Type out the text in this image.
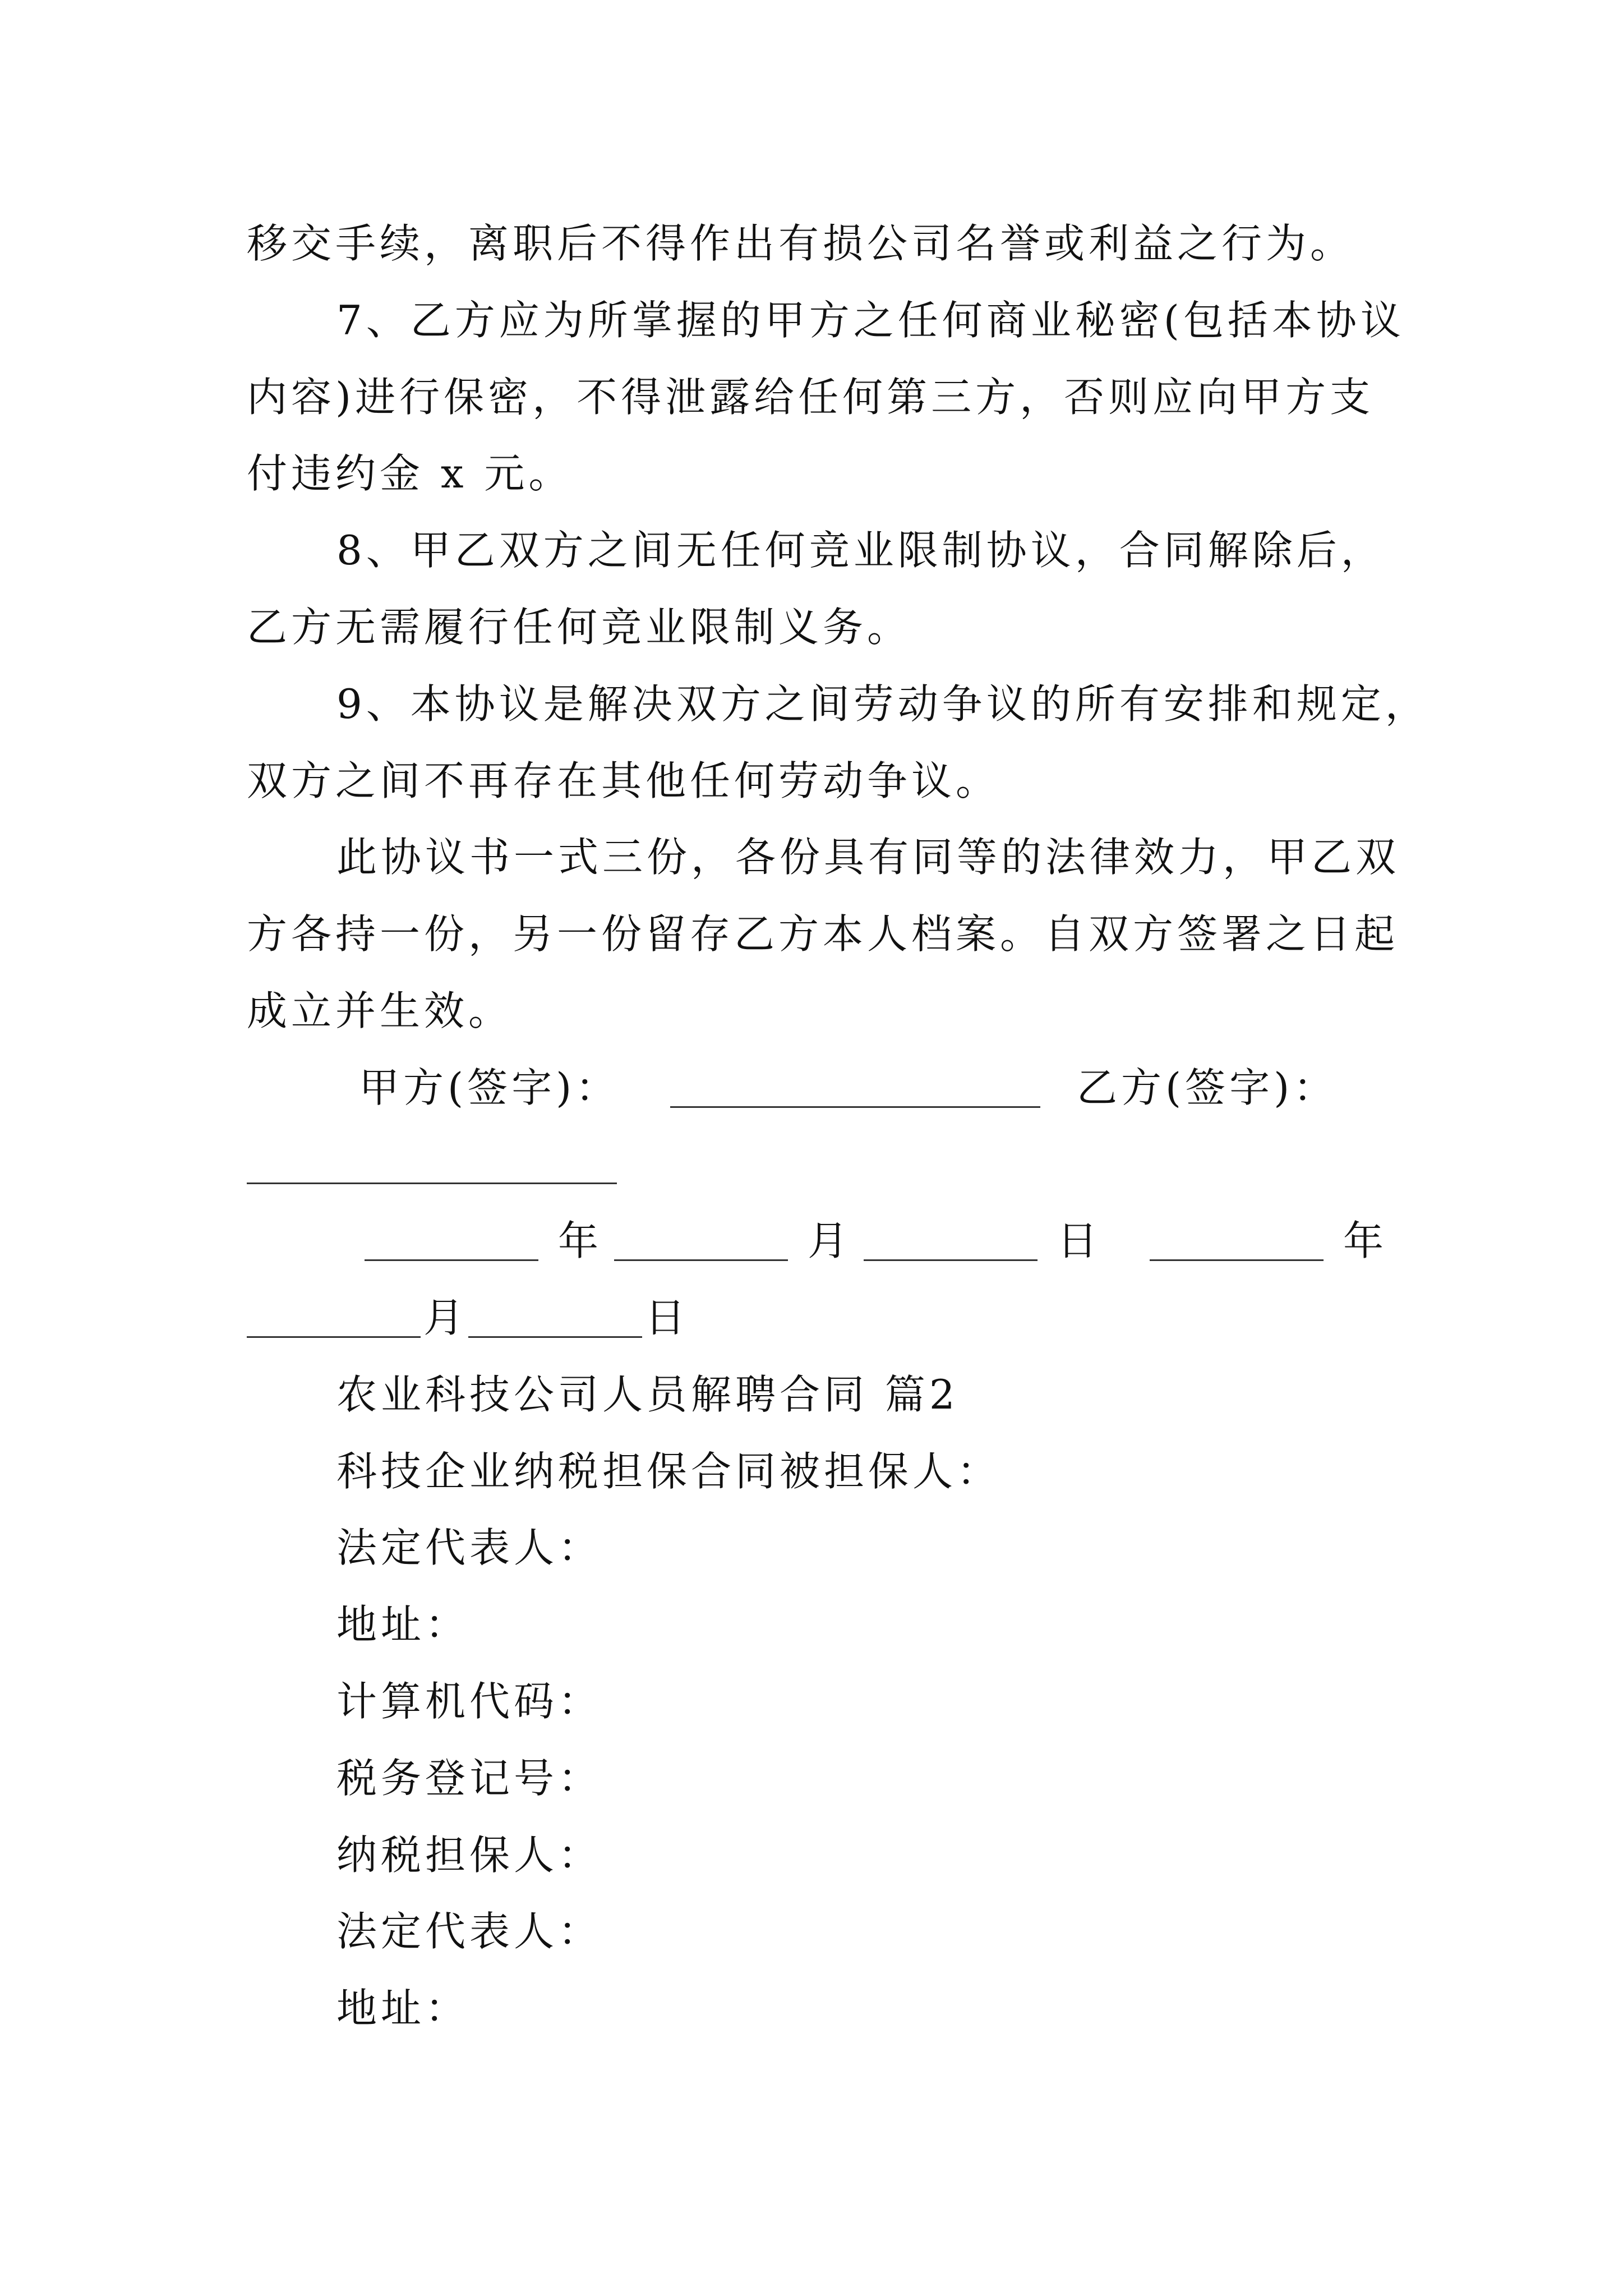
移交手续，离职后不得作出有损公司名誉或利益之行为。
7、乙方应为所掌握的甲方之任何商业秘密(包括本协议
内容)进行保密，不得泄露给任何第三方，否则应向甲方支
付违约金 x 元。
8、甲乙双方之间无任何竞业限制协议，合同解除后，
乙方无需履行任何竞业限制义务。
9、本协议是解决双方之间劳动争议的所有安排和规定，
双方之间不再存在其他任何劳动争议。
此协议书一式三份，各份具有同等的法律效力，甲乙双
方各持一份，另一份留存乙方本人档案。自双方签署之日起
成立并生效。
甲方(签字)：	乙方(签字)：
年	月	日	年
月	日
农业科技公司人员解聘合同 篇2
科技企业纳税担保合同被担保人：
法定代表人：
地址：
计算机代码：
税务登记号：
纳税担保人：
法定代表人：
地址：
